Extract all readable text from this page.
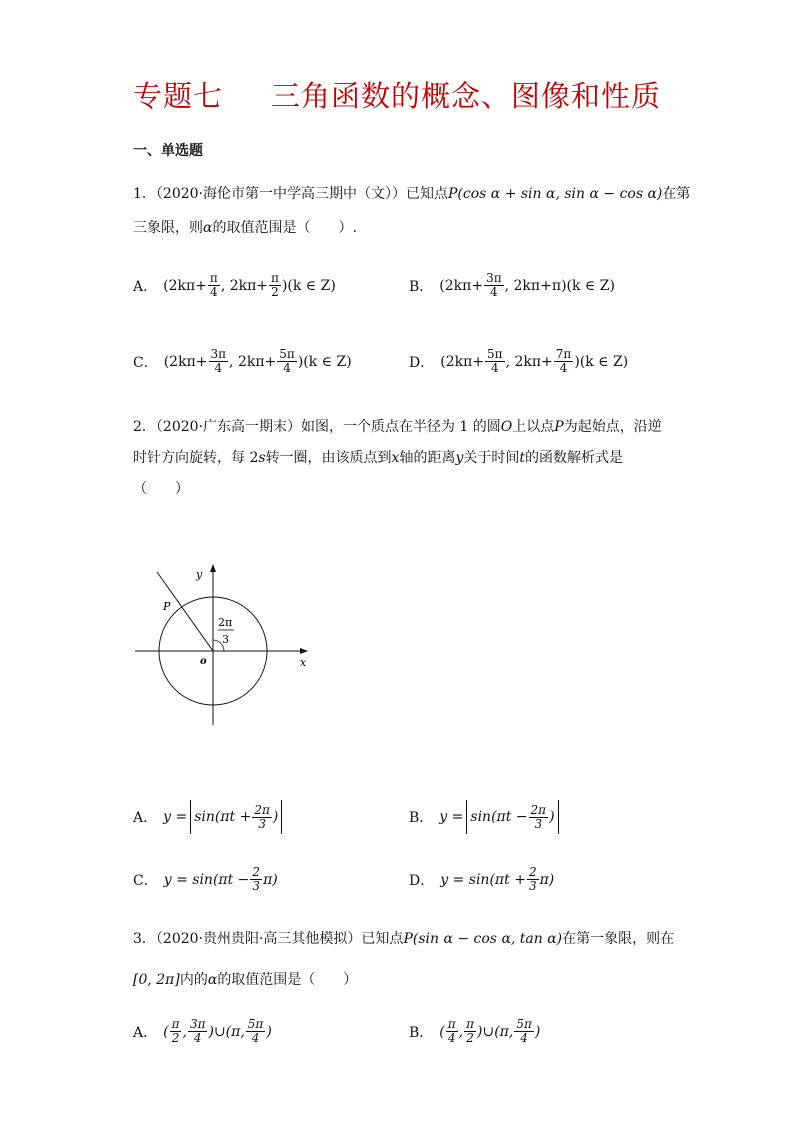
专题七 三角函数的概念、图像和性质
一、单选题
1．（2020·海伦市第一中学高三期中（文））已知点P(cos α + sin α, sin α − cos α)在第
三象限，则α的取值范围是（　　）.
A． ($2k\pi+ \frac{\pi}{4}$ , $2k\pi+ \frac{\pi}{2} )(k$ ∈ Z)	B． ($2k\pi+ \frac{3\pi}{4}$ , 2kπ+π )(k ∈ Z)
C． ($2k\pi+ \frac{3\pi}{4}$ , $2k\pi+ \frac{5\pi}{4} )(k$ ∈ Z)	D． ($2k\pi+ \frac{5\pi}{4}$ , $2k\pi+ \frac{7\pi}{4} )(k$ ∈ Z)
2．（2020·广东高一期末）如图，一个质点在半径为 1 的圆O上以点P为起始点，沿逆
时针方向旋转，每 2s转一圈，由该质点到x轴的距离y关于时间t的函数解析式是
（　　）
y
x
o
P
2π
3
A． $y = \sin(\pi t + \frac{2\pi}{3}$ )	B． $y = \sin(\pi t - \frac{2\pi}{3}$ )
C． $y = \sin(\pi t - \frac{2}{3} \pi)$	D． $y = \sin(\pi t + \frac{2}{3} \pi)$
3．（2020·贵州贵阳·高三其他模拟）已知点P(sin α − cos α, tan α)在第一象限，则在
[0, 2π]内的α的取值范围是（　　）
A． ( $\frac{\pi}{2}$ , $\frac{3\pi}{4}$ ) ∪(π, $\frac{5\pi}{4}$ )	B． ( $\frac{\pi}{4}$ , $\frac{\pi}{2}$ ) ∪(π, $\frac{5\pi}{4}$ )
